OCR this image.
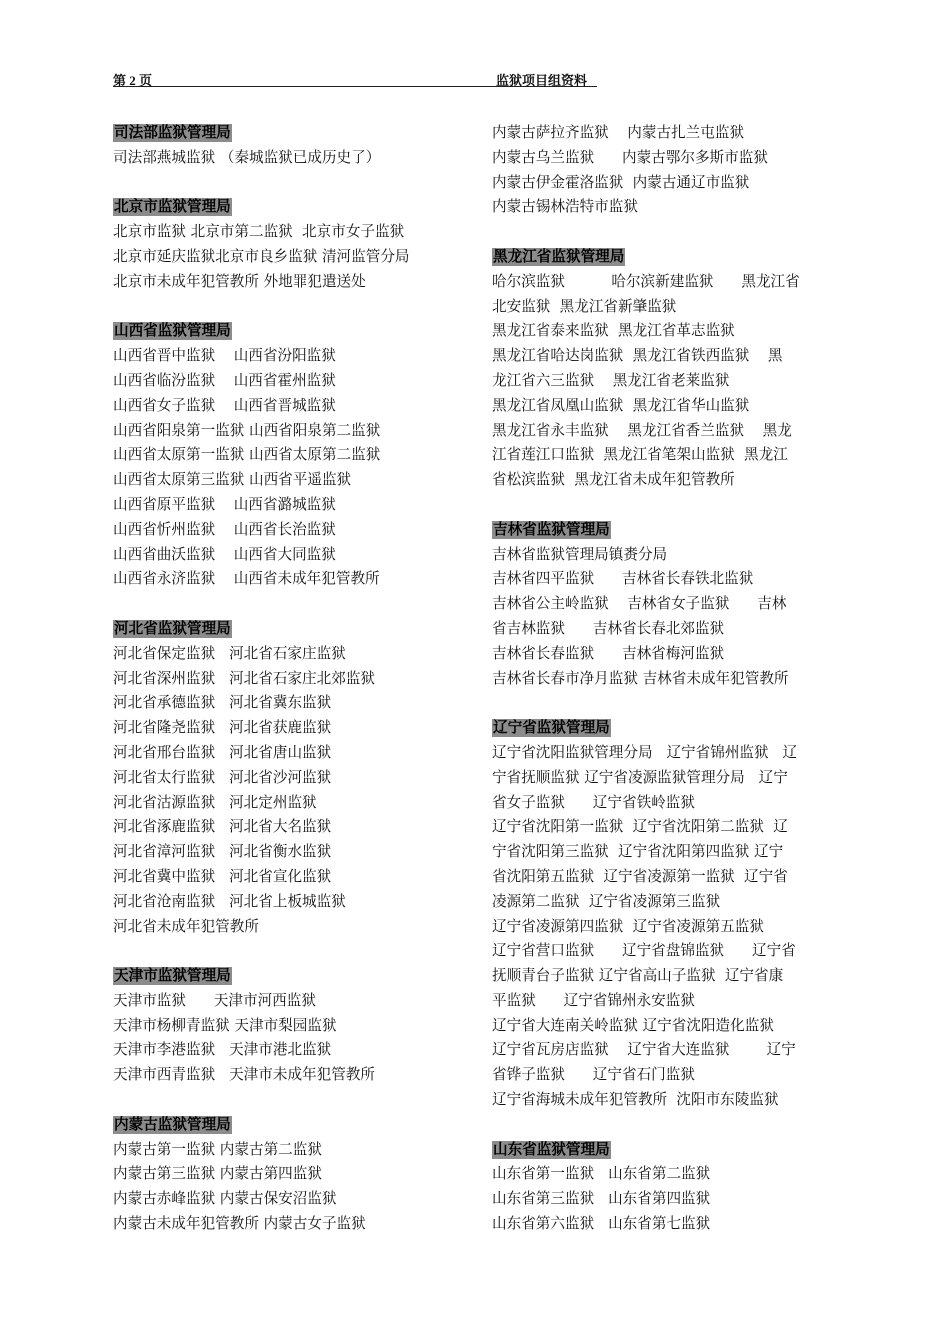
第 2 页	监狱项目组资料
司法部监狱管理局
司法部燕城监狱 （秦城监狱已成历史了）
北京市监狱管理局
北京市监狱 北京市第二监狱  北京市女子监狱
北京市延庆监狱北京市良乡监狱 清河监管分局
北京市未成年犯管教所 外地罪犯遣送处
山西省监狱管理局
山西省晋中监狱    山西省汾阳监狱
山西省临汾监狱    山西省霍州监狱
山西省女子监狱    山西省晋城监狱
山西省阳泉第一监狱 山西省阳泉第二监狱
山西省太原第一监狱 山西省太原第二监狱
山西省太原第三监狱 山西省平遥监狱
山西省原平监狱    山西省潞城监狱
山西省忻州监狱    山西省长治监狱
山西省曲沃监狱    山西省大同监狱
山西省永济监狱    山西省未成年犯管教所
河北省监狱管理局
河北省保定监狱   河北省石家庄监狱
河北省深州监狱   河北省石家庄北郊监狱
河北省承德监狱   河北省冀东监狱
河北省隆尧监狱   河北省获鹿监狱
河北省邢台监狱   河北省唐山监狱
河北省太行监狱   河北省沙河监狱
河北省沽源监狱   河北定州监狱
河北省涿鹿监狱   河北省大名监狱
河北省漳河监狱   河北省衡水监狱
河北省冀中监狱   河北省宣化监狱
河北省沧南监狱   河北省上板城监狱
河北省未成年犯管教所
天津市监狱管理局
天津市监狱      天津市河西监狱
天津市杨柳青监狱 天津市梨园监狱
天津市李港监狱   天津市港北监狱
天津市西青监狱   天津市未成年犯管教所
内蒙古监狱管理局
内蒙古第一监狱 内蒙古第二监狱
内蒙古第三监狱 内蒙古第四监狱
内蒙古赤峰监狱 内蒙古保安沼监狱
内蒙古未成年犯管教所 内蒙古女子监狱
内蒙古萨拉齐监狱    内蒙古扎兰屯监狱
内蒙古乌兰监狱      内蒙古鄂尔多斯市监狱
内蒙古伊金霍洛监狱  内蒙古通辽市监狱
内蒙古锡林浩特市监狱
黑龙江省监狱管理局
哈尔滨监狱          哈尔滨新建监狱      黑龙江省
北安监狱  黑龙江省新肇监狱
黑龙江省泰来监狱  黑龙江省革志监狱
黑龙江省哈达岗监狱  黑龙江省铁西监狱    黑
龙江省六三监狱    黑龙江省老莱监狱
黑龙江省凤凰山监狱  黑龙江省华山监狱
黑龙江省永丰监狱    黑龙江省香兰监狱    黑龙
江省莲江口监狱  黑龙江省笔架山监狱  黑龙江
省松滨监狱  黑龙江省未成年犯管教所
吉林省监狱管理局
吉林省监狱管理局镇赉分局
吉林省四平监狱      吉林省长春铁北监狱
吉林省公主岭监狱    吉林省女子监狱      吉林
省吉林监狱      吉林省长春北郊监狱
吉林省长春监狱      吉林省梅河监狱
吉林省长春市净月监狱 吉林省未成年犯管教所
辽宁省监狱管理局
辽宁省沈阳监狱管理分局   辽宁省锦州监狱   辽
宁省抚顺监狱 辽宁省凌源监狱管理分局   辽宁
省女子监狱      辽宁省铁岭监狱
辽宁省沈阳第一监狱  辽宁省沈阳第二监狱  辽
宁省沈阳第三监狱  辽宁省沈阳第四监狱 辽宁
省沈阳第五监狱  辽宁省凌源第一监狱  辽宁省
凌源第二监狱  辽宁省凌源第三监狱
辽宁省凌源第四监狱  辽宁省凌源第五监狱
辽宁省营口监狱      辽宁省盘锦监狱      辽宁省
抚顺青台子监狱 辽宁省高山子监狱  辽宁省康
平监狱      辽宁省锦州永安监狱
辽宁省大连南关岭监狱 辽宁省沈阳造化监狱
辽宁省瓦房店监狱    辽宁省大连监狱        辽宁
省铧子监狱      辽宁省石门监狱
辽宁省海城未成年犯管教所  沈阳市东陵监狱
山东省监狱管理局
山东省第一监狱   山东省第二监狱
山东省第三监狱   山东省第四监狱
山东省第六监狱   山东省第七监狱
